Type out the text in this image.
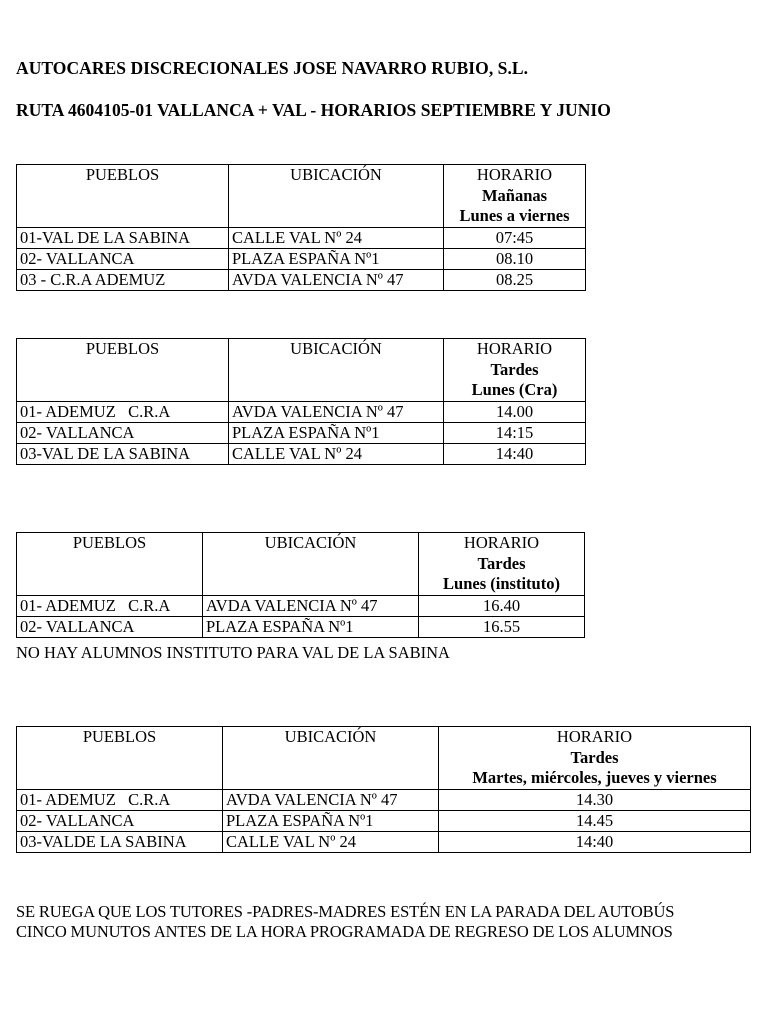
AUTOCARES DISCRECIONALES JOSE NAVARRO RUBIO, S.L.
RUTA 4604105-01 VALLANCA + VAL - HORARIOS SEPTIEMBRE Y JUNIO
PUEBLOS	UBICACIÓN	HORARIO
Mañanas
Lunes a viernes

01-VAL DE LA SABINA	CALLE VAL Nº 24	07:45
02- VALLANCA	PLAZA ESPAÑA Nº1	08.10
03 - C.R.A ADEMUZ	AVDA VALENCIA Nº 47	08.25
PUEBLOS	UBICACIÓN	HORARIO
Tardes
Lunes (Cra)

01- ADEMUZ   C.R.A	AVDA VALENCIA Nº 47	14.00
02- VALLANCA	PLAZA ESPAÑA Nº1	14:15
03-VAL DE LA SABINA	CALLE VAL Nº 24	14:40
PUEBLOS	UBICACIÓN	HORARIO
Tardes
Lunes (instituto)

01- ADEMUZ   C.R.A	AVDA VALENCIA Nº 47	16.40
02- VALLANCA	PLAZA ESPAÑA Nº1	16.55
NO HAY ALUMNOS INSTITUTO PARA VAL DE LA SABINA
PUEBLOS	UBICACIÓN	HORARIO
Tardes
Martes, miércoles, jueves y viernes

01- ADEMUZ   C.R.A	AVDA VALENCIA Nº 47	14.30
02- VALLANCA	PLAZA ESPAÑA Nº1	14.45
03-VALDE LA SABINA	CALLE VAL Nº 24	14:40
SE RUEGA QUE LOS TUTORES -PADRES-MADRES ESTÉN EN LA PARADA DEL AUTOBÚS
CINCO MUNUTOS ANTES DE LA HORA PROGRAMADA DE REGRESO DE LOS ALUMNOS
